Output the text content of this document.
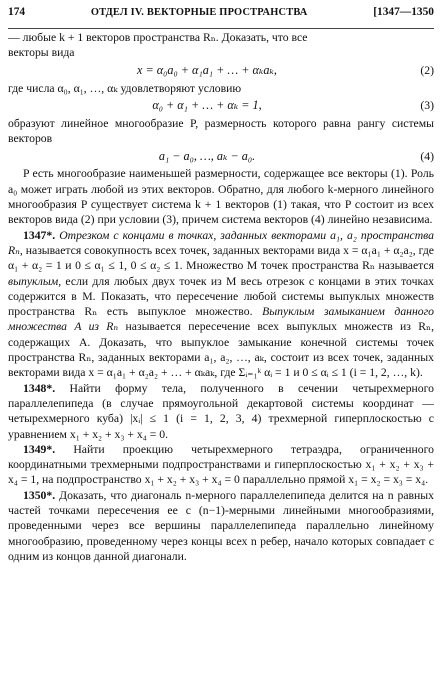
174	ОТДЕЛ IV. ВЕКТОРНЫЕ ПРОСТРАНСТВА	[1347—1350

— любые k + 1 векторов пространства Rₙ. Доказать, что все

векторы вида

x = α₀a₀ + α₁a₁ + … + αₖaₖ,	(2)

где числа α₀, α₁, …, αₖ удовлетворяют условию

α₀ + α₁ + … + αₖ = 1,	(3)

образуют линейное многообразие P, размерность которого равна рангу системы векторов

a₁ − a₀, …, aₖ − a₀.	(4)

P есть многообразие наименьшей размерности, содержащее все векторы (1). Роль a₀ может играть любой из этих векторов. Обратно, для любого k-мерного линейного многообразия P существует система k + 1 векторов (1) такая, что P состоит из всех векторов вида (2) при условии (3), причем система векторов (4) линейно независима.

1347*. Отрезком с концами в точках, заданных векторами a₁, a₂ пространства Rₙ, называется совокупность всех точек, заданных векторами вида x = α₁a₁ + α₂a₂, где α₁ + α₂ = 1 и 0 ≤ α₁ ≤ 1, 0 ≤ α₂ ≤ 1. Множество M точек пространства Rₙ называется выпуклым, если для любых двух точек из M весь отрезок с концами в этих точках содержится в M. Показать, что пересечение любой системы выпуклых множеств пространства Rₙ есть выпуклое множество. Выпуклым замыканием данного множества A из Rₙ называется пересечение всех выпуклых множеств из Rₙ, содержащих A. Доказать, что выпуклое замыкание конечной системы точек пространства Rₙ, заданных векторами a₁, a₂, …, aₖ, состоит из всех точек, заданных векторами вида x = α₁a₁ + α₂a₂ + … + αₖaₖ, где Σᵢ₌₁ᵏ αᵢ = 1 и 0 ≤ αᵢ ≤ 1 (i = 1, 2, …, k).

1348*. Найти форму тела, полученного в сечении четырехмерного параллелепипеда (в случае прямоугольной декартовой системы координат — четырехмерного куба) |xᵢ| ≤ 1 (i = 1, 2, 3, 4) трехмерной гиперплоскостью с уравнением x₁ + x₂ + x₃ + x₄ = 0.

1349*. Найти проекцию четырехмерного тетраэдра, ограниченного координатными трехмерными подпространствами и гиперплоскостью x₁ + x₂ + x₃ + x₄ = 1, на подпространство x₁ + x₂ + x₃ + x₄ = 0 параллельно прямой x₁ = x₂ = x₃ = x₄.

1350*. Доказать, что диагональ n-мерного параллелепипеда делится на n равных частей точками пересечения ее с (n−1)-мерными линейными многообразиями, проведенными через все вершины параллелепипеда параллельно линейному многообразию, проведенному через концы всех n ребер, начало которых совпадает с одним из концов данной диагонали.
